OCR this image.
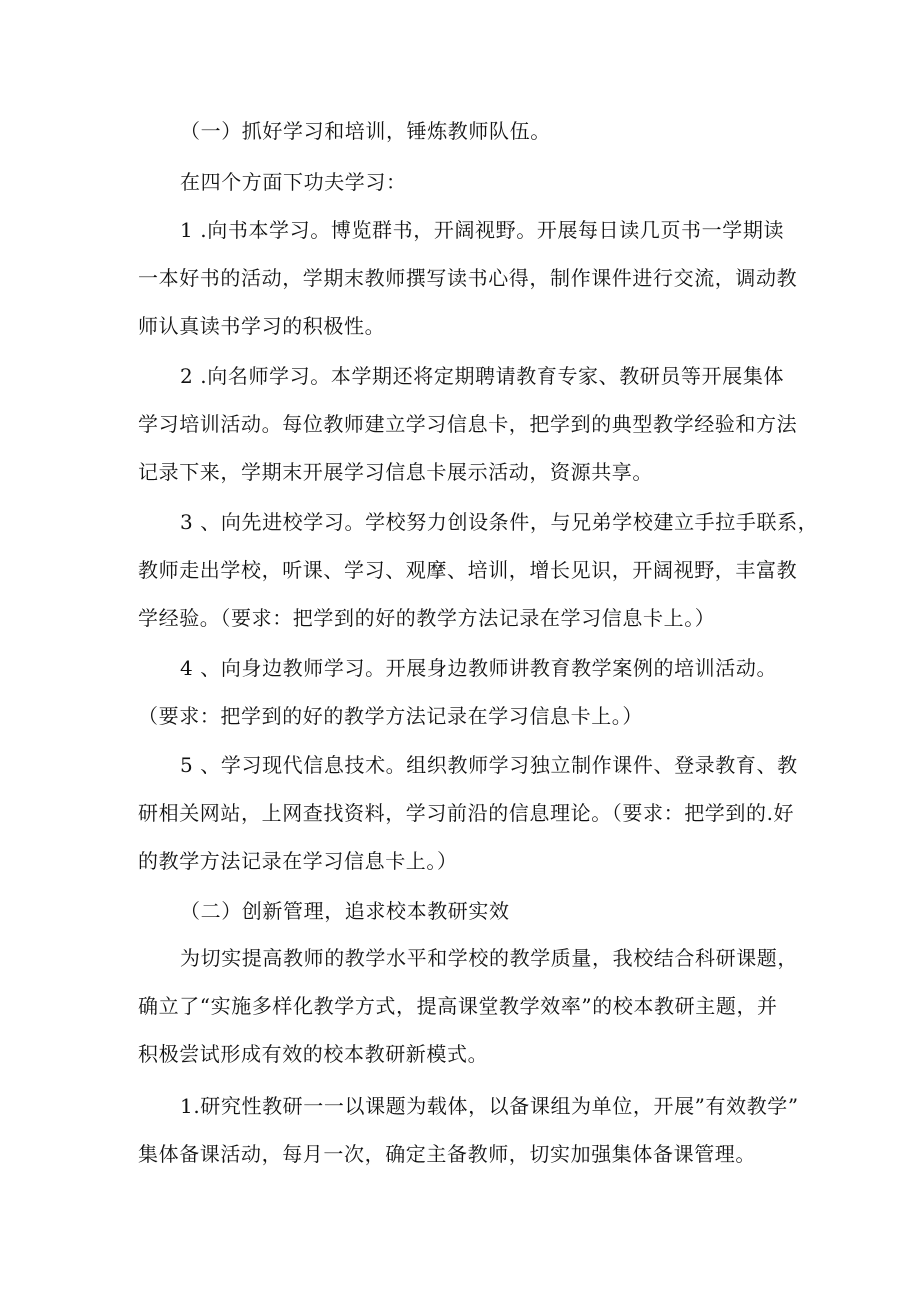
（一）抓好学习和培训，锤炼教师队伍。

在四个方面下功夫学习：

1 .向书本学习。博览群书，开阔视野。开展每日读几页书一学期读
一本好书的活动，学期末教师撰写读书心得，制作课件进行交流，调动教
师认真读书学习的积极性。

2 .向名师学习。本学期还将定期聘请教育专家、教研员等开展集体
学习培训活动。每位教师建立学习信息卡，把学到的典型教学经验和方法
记录下来，学期末开展学习信息卡展示活动，资源共享。

3 、向先进校学习。学校努力创设条件，与兄弟学校建立手拉手联系，
教师走出学校，听课、学习、观摩、培训，增长见识，开阔视野，丰富教
学经验。（要求：把学到的好的教学方法记录在学习信息卡上。）

4 、向身边教师学习。开展身边教师讲教育教学案例的培训活动。
（要求：把学到的好的教学方法记录在学习信息卡上。）

5 、学习现代信息技术。组织教师学习独立制作课件、登录教育、教
研相关网站，上网查找资料，学习前沿的信息理论。（要求：把学到的.好
的教学方法记录在学习信息卡上。）

（二）创新管理，追求校本教研实效

为切实提高教师的教学水平和学校的教学质量，我校结合科研课题，
确立了“实施多样化教学方式，提高课堂教学效率”的校本教研主题，并
积极尝试形成有效的校本教研新模式。

1.研究性教研一一以课题为载体，以备课组为单位，开展”有效教学”
集体备课活动，每月一次，确定主备教师，切实加强集体备课管理。
